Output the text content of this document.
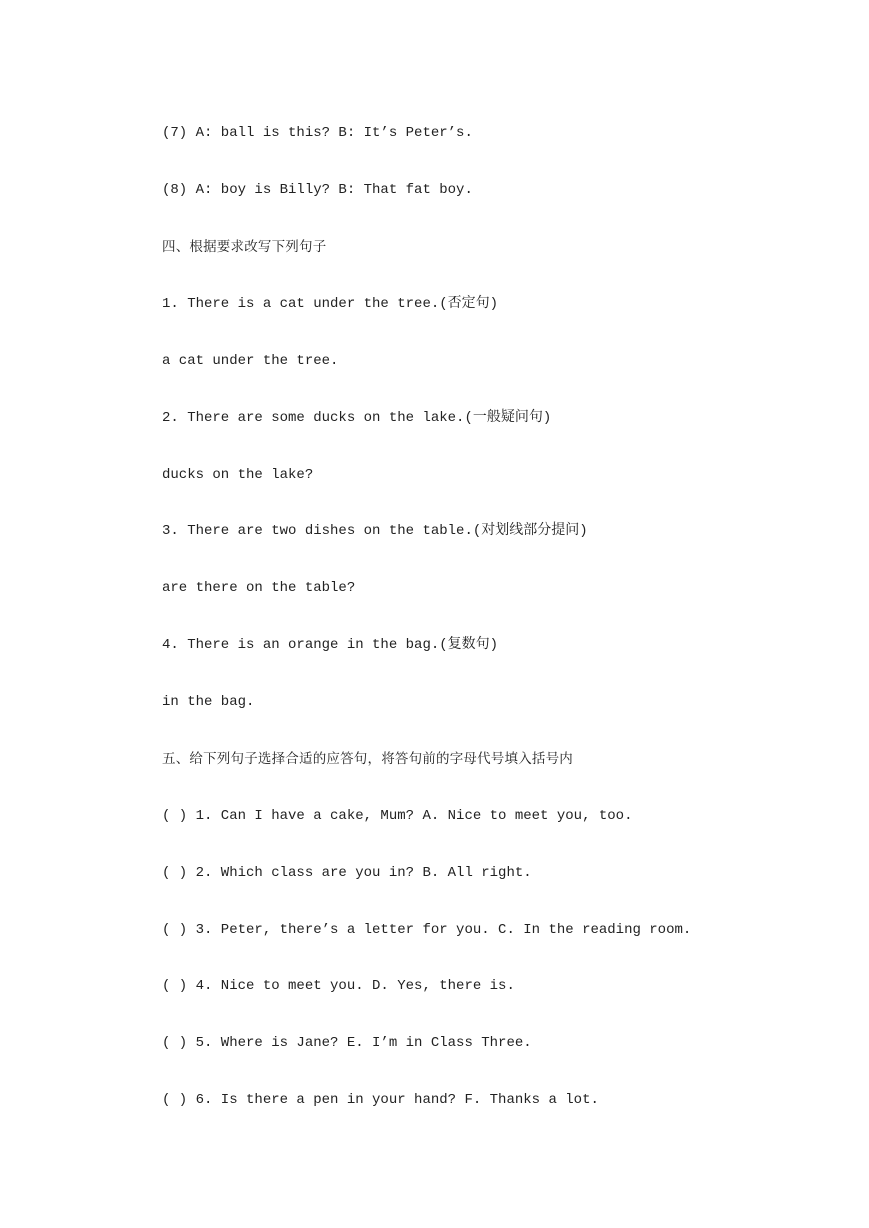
(7) A: ball is this? B: It’s Peter’s.
(8) A: boy is Billy? B: That fat boy.
四、根据要求改写下列句子
1. There is a cat under the tree.(否定句)
a cat under the tree.
2. There are some ducks on the lake.(一般疑问句)
ducks on the lake?
3. There are two dishes on the table.(对划线部分提问)
are there on the table?
4. There is an orange in the bag.(复数句)
in the bag.
五、给下列句子选择合适的应答句，将答句前的字母代号填入括号内
( ) 1. Can I have a cake, Mum? A. Nice to meet you, too.
( ) 2. Which class are you in? B. All right.
( ) 3. Peter, there’s a letter for you. C. In the reading room.
( ) 4. Nice to meet you. D. Yes, there is.
( ) 5. Where is Jane? E. I’m in Class Three.
( ) 6. Is there a pen in your hand? F. Thanks a lot.
